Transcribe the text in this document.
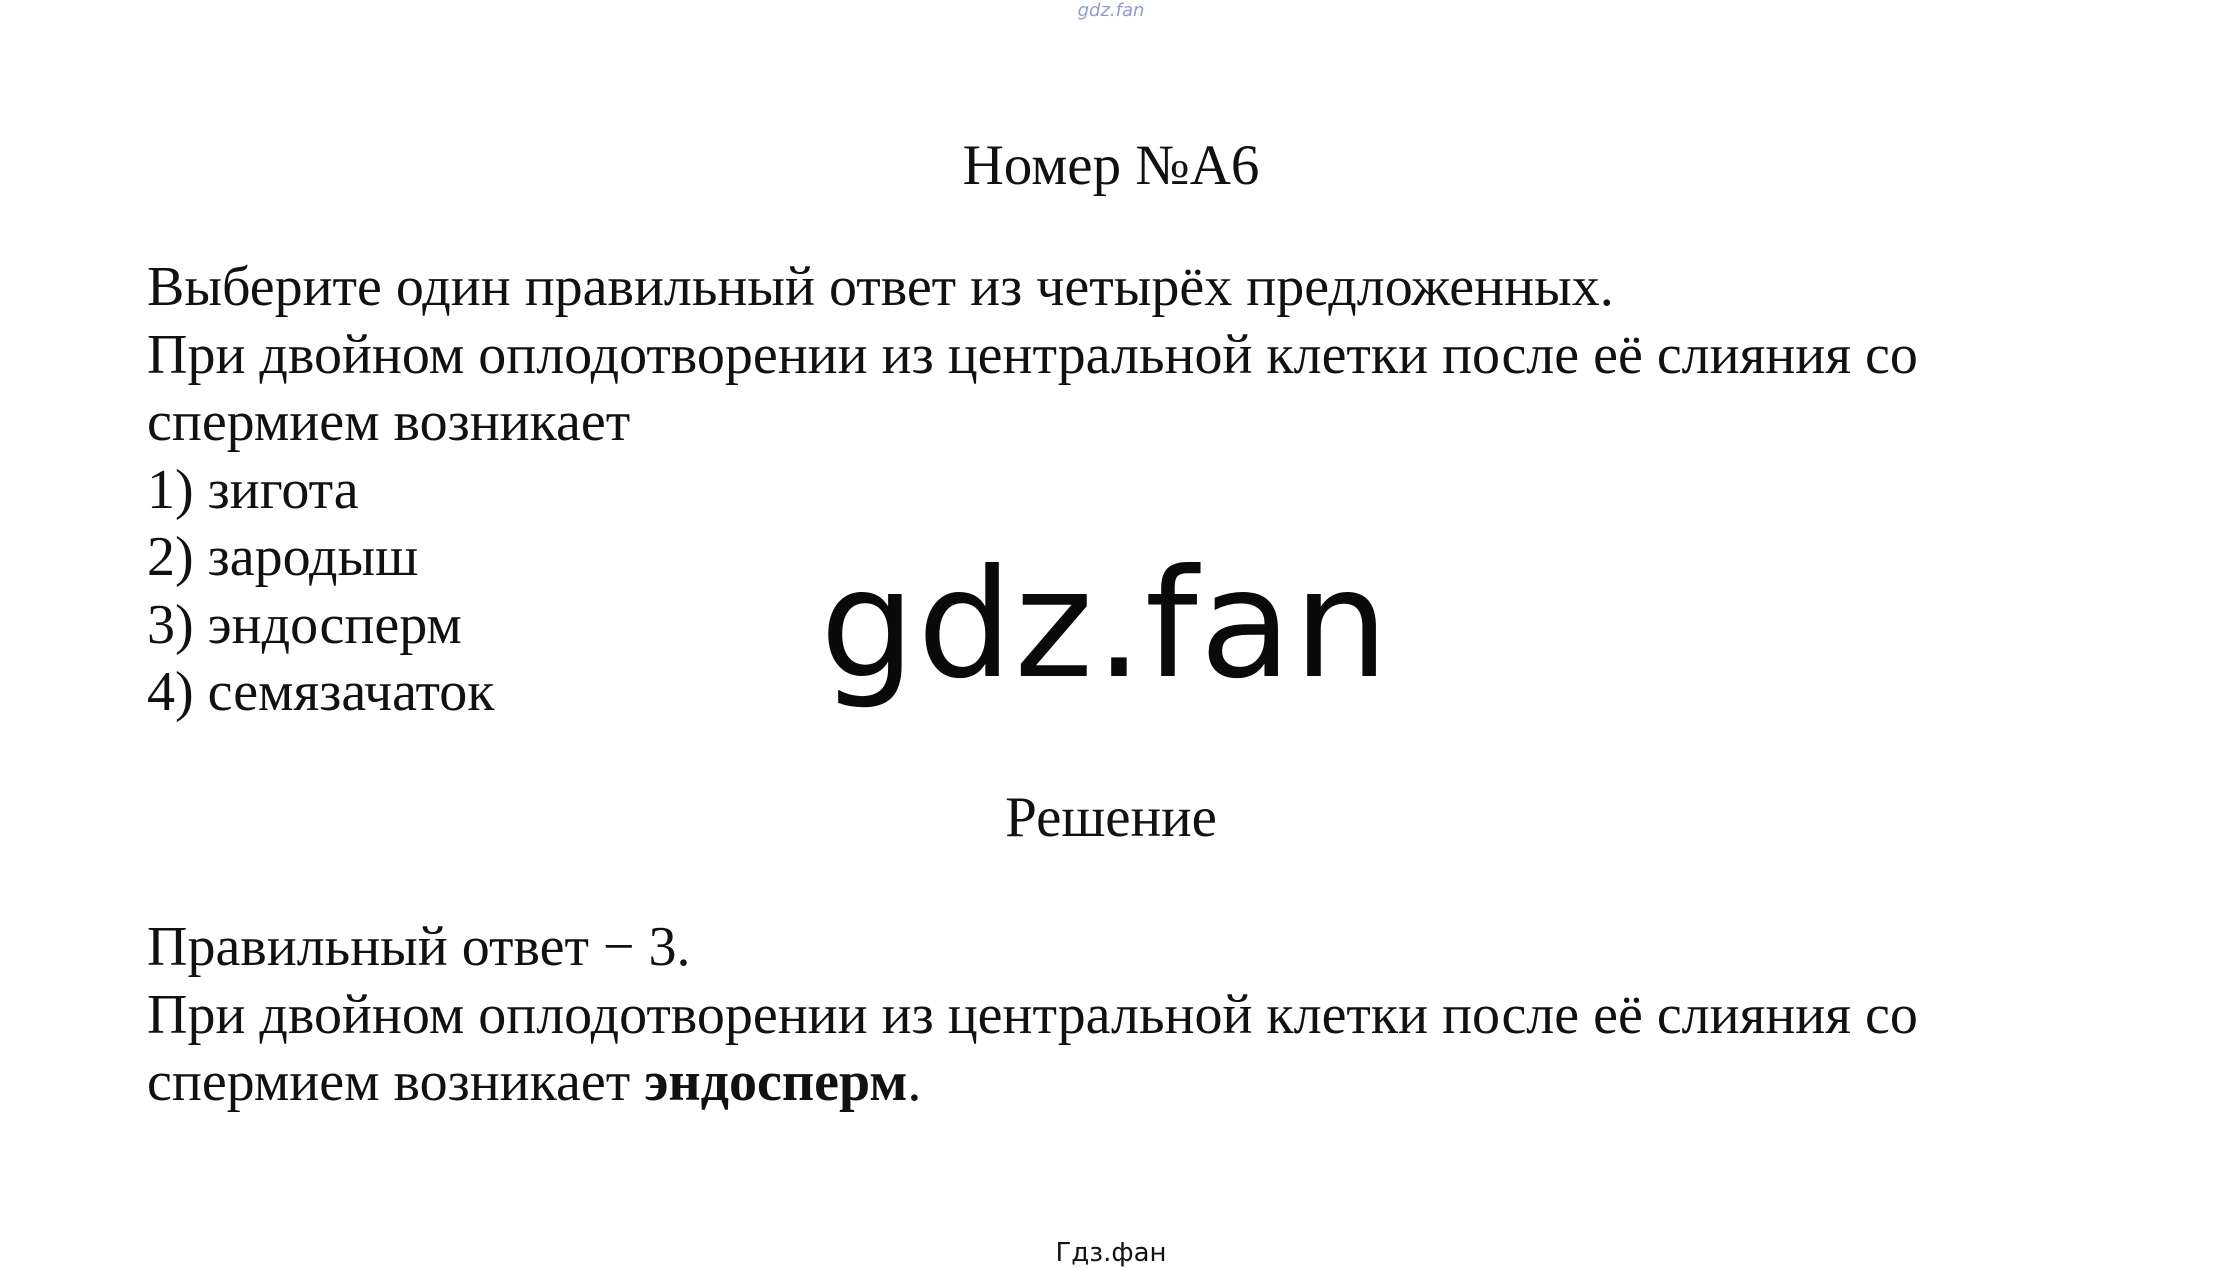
gdz.fan
Номер №А6

Выберите один правильный ответ из четырёх предложенных.

При двойном оплодотворении из центральной клетки после её слияния со

спермием возникает

1) зигота
2) зародыш
3) эндосперм
4) семязачаток	gdz.fan
Решение

Правильный ответ − 3.

При двойном оплодотворении из центральной клетки после её слияния со

спермием возникает эндосперм.

Гдз.фан
